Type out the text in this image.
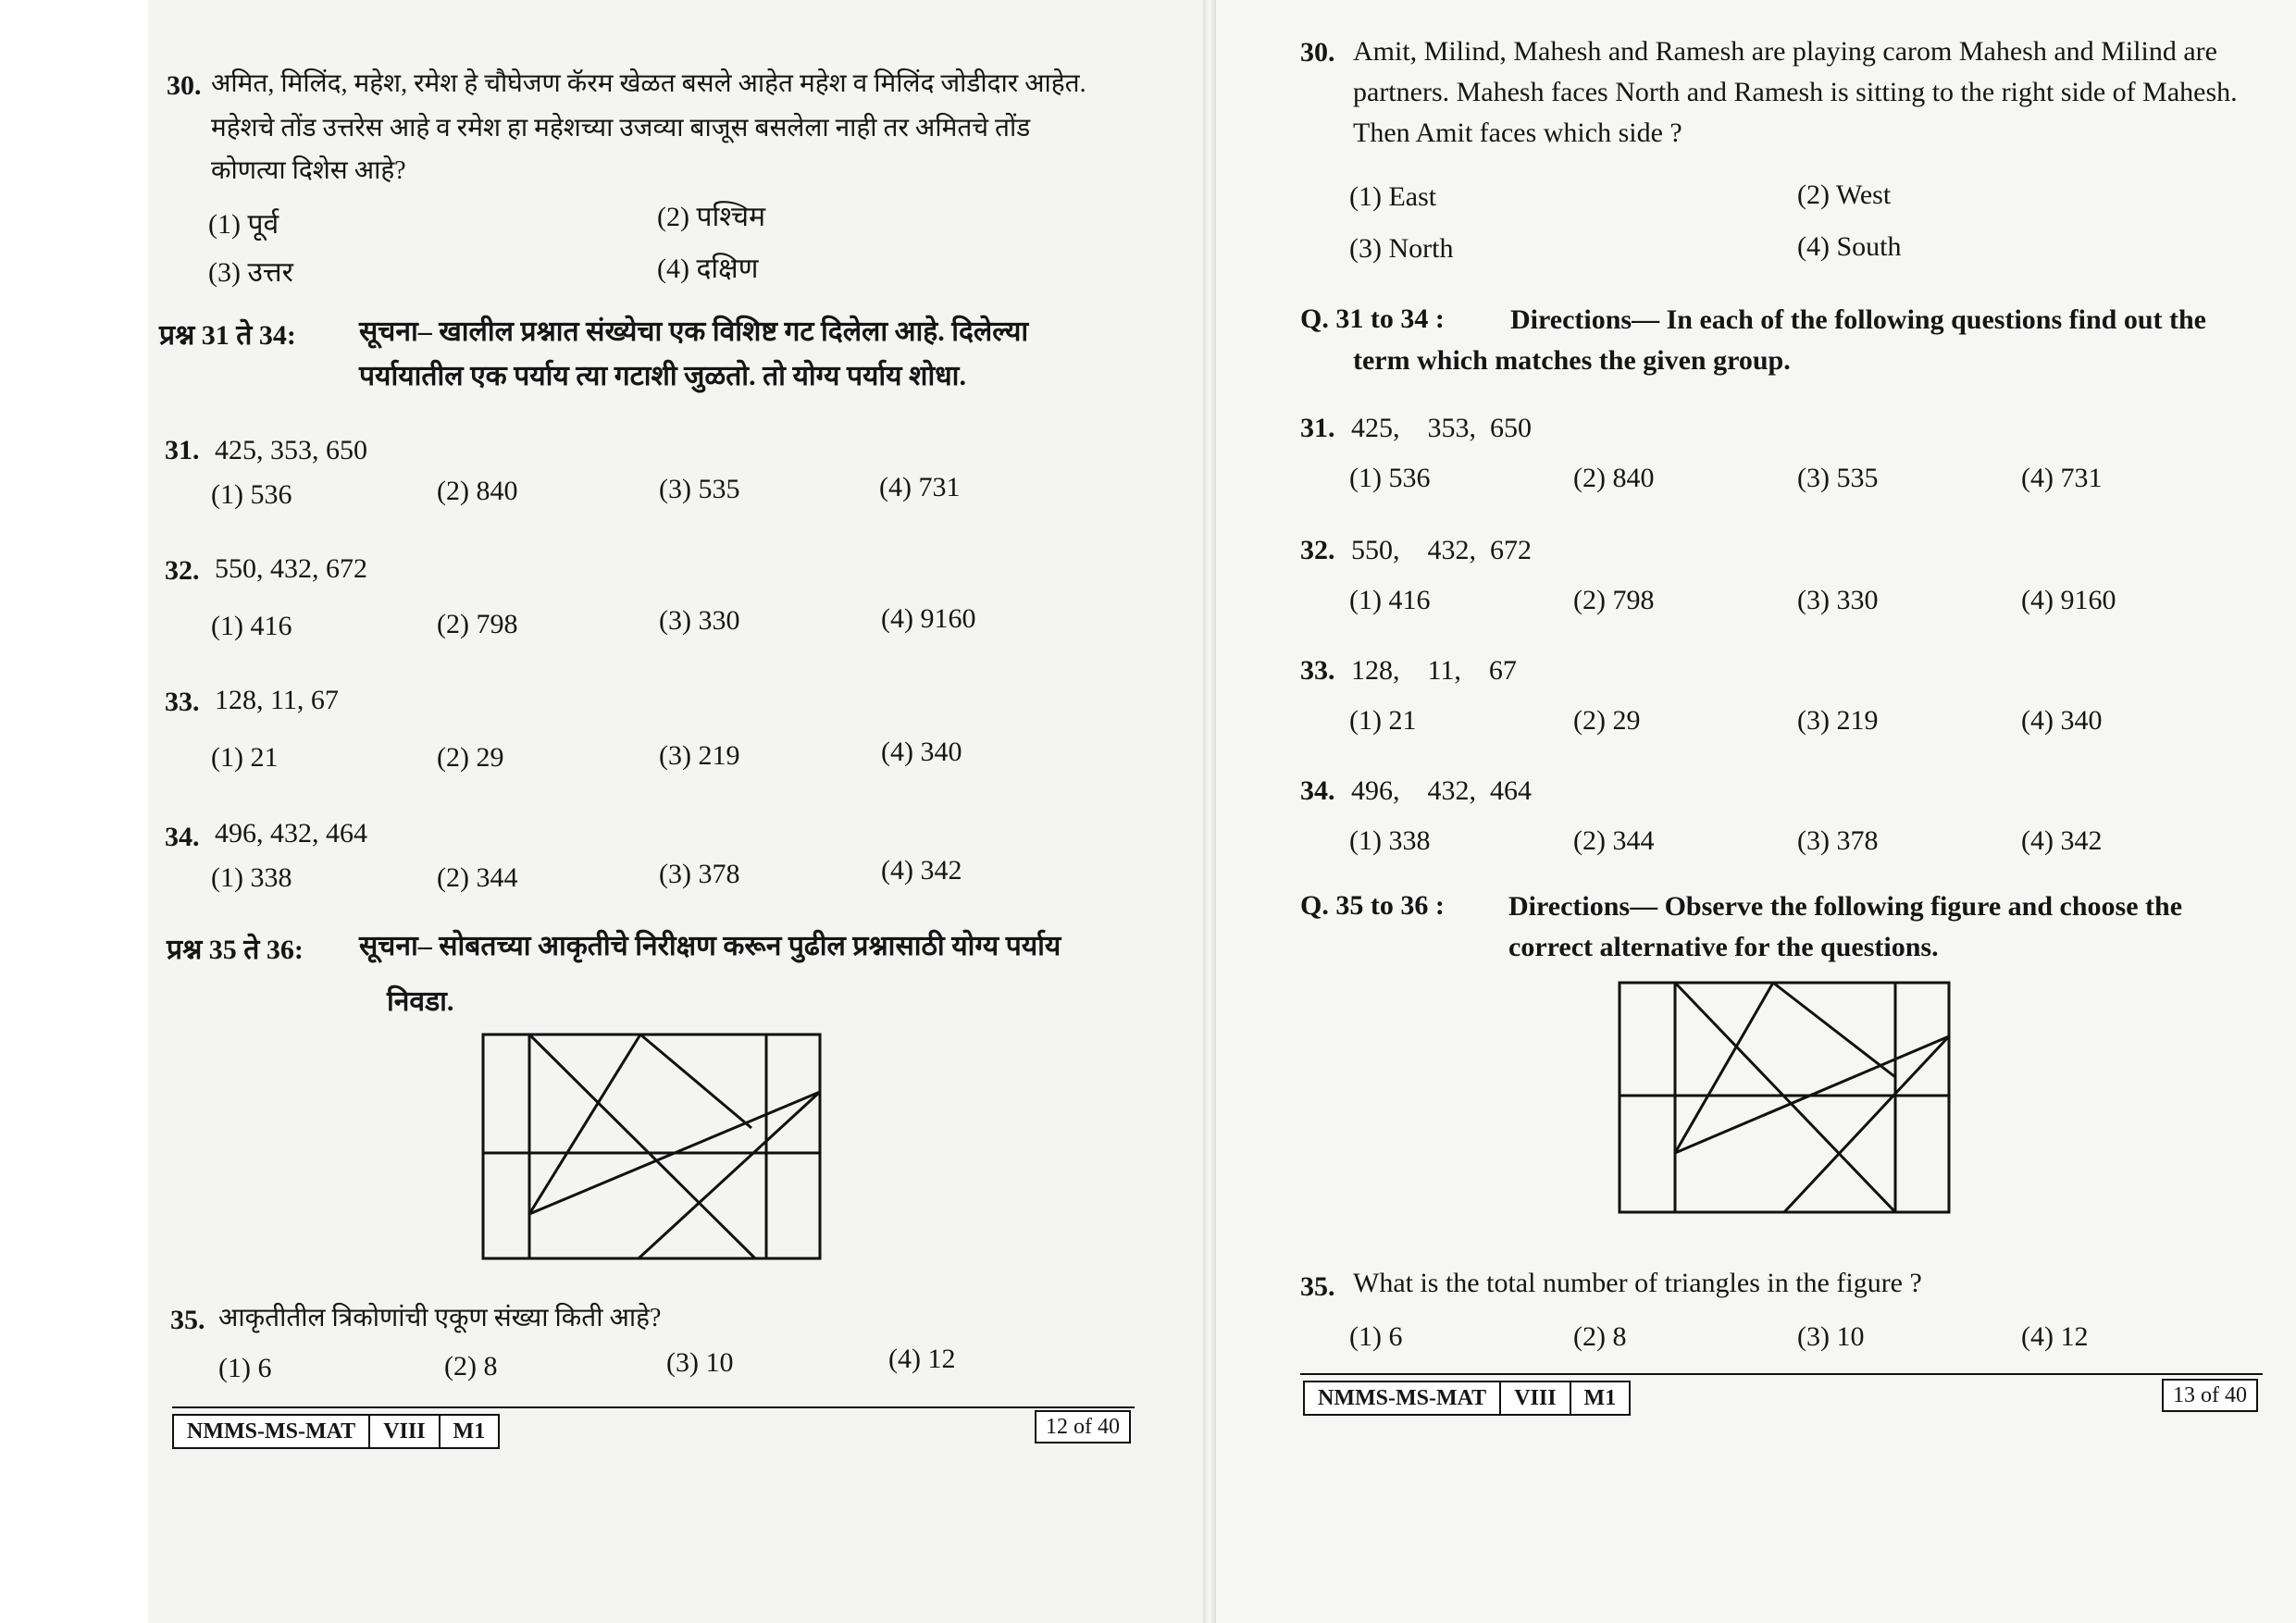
30. अमित, मिलिंद, महेश, रमेश हे चौघेजण कॅरम खेळत बसले आहेत महेश व मिलिंद जोडीदार आहेत.
महेशचे तोंड उत्तरेस आहे व रमेश हा महेशच्या उजव्या बाजूस बसलेला नाही तर अमितचे तोंड
कोणत्या दिशेस आहे?
(1) पूर्व	(2) पश्चिम
(3) उत्तर	(4) दक्षिण
प्रश्न 31 ते 34: सूचना– खालील प्रश्नात संख्येचा एक विशिष्ट गट दिलेला आहे. दिलेल्या
पर्यायातील एक पर्याय त्या गटाशी जुळतो. तो योग्य पर्याय शोधा.
31. 425, 353, 650
(1) 536	(2) 840	(3) 535	(4) 731
32. 550, 432, 672
(1) 416	(2) 798	(3) 330	(4) 9160
33. 128, 11, 67
(1) 21	(2) 29	(3) 219	(4) 340
34. 496, 432, 464
(1) 338	(2) 344	(3) 378	(4) 342
प्रश्न 35 ते 36: सूचना– सोबतच्या आकृतीचे निरीक्षण करून पुढील प्रश्नासाठी योग्य पर्याय
निवडा.
35. आकृतीतील त्रिकोणांची एकूण संख्या किती आहे?
(1) 6	(2) 8	(3) 10	(4) 12
NMMS-MS-MAT	VIII	M1	12 of 40
30. Amit, Milind, Mahesh and Ramesh are playing carom Mahesh and Milind are partners. Mahesh faces North and Ramesh is sitting to the right side of Mahesh. Then Amit faces which side ?
(1) East	(2) West
(3) North	(4) South
Q. 31 to 34 :	Directions— In each of the following questions find out the term which matches the given group.
31. 425,    353,  650
(1) 536	(2) 840	(3) 535	(4) 731
32. 550,    432,  672
(1) 416	(2) 798	(3) 330	(4) 9160
33. 128,    11,    67
(1) 21	(2) 29	(3) 219	(4) 340
34. 496,    432,  464
(1) 338	(2) 344	(3) 378	(4) 342
Q. 35 to 36 : Directions— Observe the following figure and choose the correct alternative for the questions.
35. What is the total number of triangles in the figure ?
(1) 6	(2) 8	(3) 10	(4) 12
NMMS-MS-MAT	VIII	M1	13 of 40
